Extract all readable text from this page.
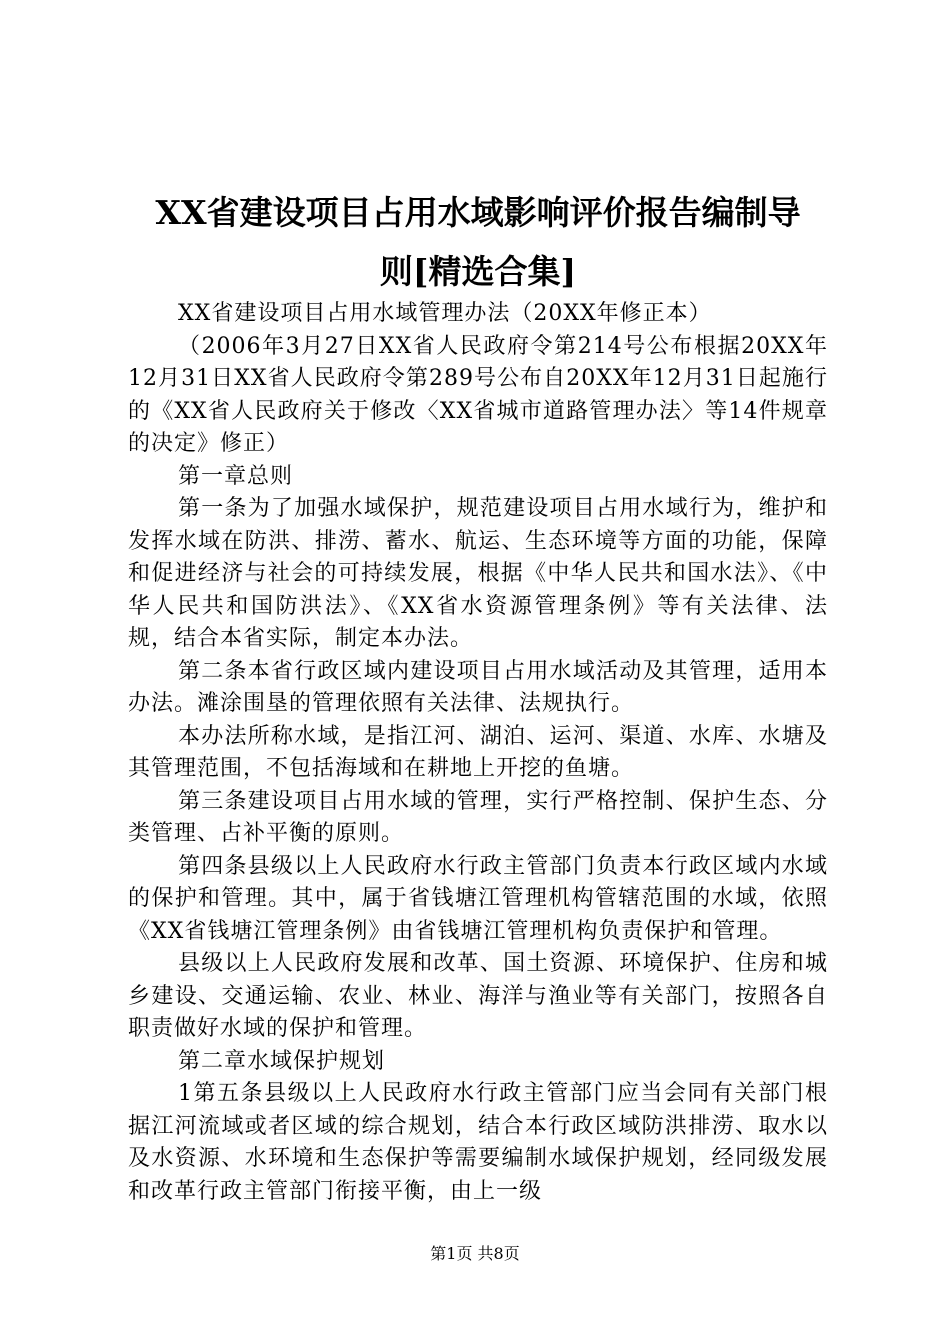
XX省建设项目占用水域影响评价报告编制导
则[精选合集]

XX省建设项目占用水域管理办法（20XX年修正本）

（2006年3月27日XX省人民政府令第214号公布根据20XX年12月31日XX省人民政府令第289号公布自20XX年12月31日起施行的《XX省人民政府关于修改〈XX省城市道路管理办法〉等14件规章的决定》修正）

第一章总则

第一条为了加强水域保护，规范建设项目占用水域行为，维护和发挥水域在防洪、排涝、蓄水、航运、生态环境等方面的功能，保障和促进经济与社会的可持续发展，根据《中华人民共和国水法》、《中华人民共和国防洪法》、《XX省水资源管理条例》等有关法律、法规，结合本省实际，制定本办法。

第二条本省行政区域内建设项目占用水域活动及其管理，适用本办法。滩涂围垦的管理依照有关法律、法规执行。

本办法所称水域，是指江河、湖泊、运河、渠道、水库、水塘及其管理范围，不包括海域和在耕地上开挖的鱼塘。

第三条建设项目占用水域的管理，实行严格控制、保护生态、分类管理、占补平衡的原则。

第四条县级以上人民政府水行政主管部门负责本行政区域内水域的保护和管理。其中，属于省钱塘江管理机构管辖范围的水域，依照《XX省钱塘江管理条例》由省钱塘江管理机构负责保护和管理。

县级以上人民政府发展和改革、国土资源、环境保护、住房和城乡建设、交通运输、农业、林业、海洋与渔业等有关部门，按照各自职责做好水域的保护和管理。

第二章水域保护规划

1第五条县级以上人民政府水行政主管部门应当会同有关部门根据江河流域或者区域的综合规划，结合本行政区域防洪排涝、取水以及水资源、水环境和生态保护等需要编制水域保护规划，经同级发展和改革行政主管部门衔接平衡，由上一级

第1页 共8页
